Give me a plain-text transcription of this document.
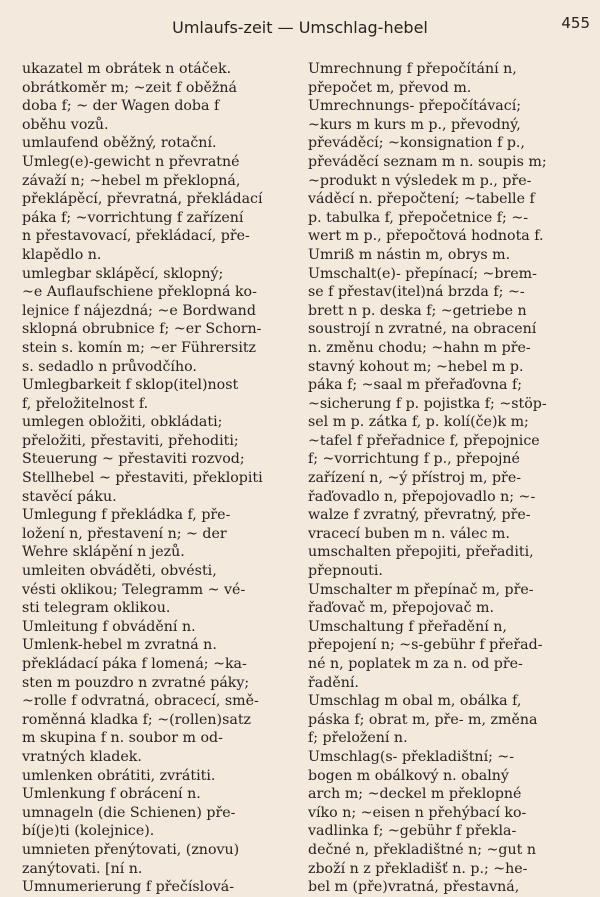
Umlaufs-zeit — Umschlag-hebel	455
ukazatel m obrátek n otáček.
obrátkoměr m; ~zeit f oběžná
doba f; ~ der Wagen doba f
oběhu vozů.
umlaufend oběžný, rotační.
Umleg(e)-gewicht n převratné
závaží n; ~hebel m překlopná,
překlápěcí, převratná, překládací
páka f; ~vorrichtung f zařízení
n přestavovací, překládací, pře-
klapědlo n.
umlegbar sklápěcí, sklopný;
~e Auflaufschiene překlopná ko-
lejnice f nájezdná; ~e Bordwand
sklopná obrubnice f; ~er Schorn-
stein s. komín m; ~er Führersitz
s. sedadlo n průvodčího.
Umlegbarkeit f sklop(itel)nost
f, přeložitelnost f.
umlegen obložiti, obkládati;
přeložiti, přestaviti, přehoditi;
Steuerung ~ přestaviti rozvod;
Stellhebel ~ přestaviti, překlopiti
stavěcí páku.
Umlegung f překládka f, pře-
ložení n, přestavení n; ~ der
Wehre sklápění n jezů.
umleiten obváděti, obvésti,
vésti oklikou; Telegramm ~ vé-
sti telegram oklikou.
Umleitung f obvádění n.
Umlenk-hebel m zvratná n.
překládací páka f lomená; ~ka-
sten m pouzdro n zvratné páky;
~rolle f odvratná, obracecí, smě-
roměnná kladka f; ~(rollen)satz
m skupina f n. soubor m od-
vratných kladek.
umlenken obrátiti, zvrátiti.
Umlenkung f obrácení n.
umnageln (die Schienen) pře-
bí(je)ti (kolejnice).
umnieten přenýtovati, (znovu)
zanýtovati. [ní n.
Umnumerierung f přečíslová-
Umrechnung f přepočítání n,
přepočet m, převod m.
Umrechnungs- přepočítávací;
~kurs m kurs m p., převodný,
převáděcí; ~konsignation f p.,
převáděcí seznam m n. soupis m;
~produkt n výsledek m p., pře-
váděcí n. přepočtení; ~tabelle f
p. tabulka f, přepočetnice f; ~-
wert m p., přepočtová hodnota f.
Umriß m nástin m, obrys m.
Umschalt(e)- přepínací; ~brem-
se f přestav(itel)ná brzda f; ~-
brett n p. deska f; ~getriebe n
soustrojí n zvratné, na obracení
n. změnu chodu; ~hahn m pře-
stavný kohout m; ~hebel m p.
páka f; ~saal m přeřaďovna f;
~sicherung f p. pojistka f; ~stöp-
sel m p. zátka f, p. kolí(če)k m;
~tafel f přeřadnice f, přepojnice
f; ~vorrichtung f p., přepojné
zařízení n, ~ý přístroj m, pře-
řaďovadlo n, přepojovadlo n; ~-
walze f zvratný, převratný, pře-
vracecí buben m n. válec m.
umschalten přepojiti, přeřaditi,
přepnouti.
Umschalter m přepínač m, pře-
řaďovač m, přepojovač m.
Umschaltung f přeřadění n,
přepojení n; ~s-gebühr f přeřad-
né n, poplatek m za n. od pře-
řadění.
Umschlag m obal m, obálka f,
páska f; obrat m, pře- m, změna
f; přeložení n.
Umschlag(s- překladištní; ~-
bogen m obálkový n. obalný
arch m; ~deckel m překlopné
víko n; ~eisen n přehýbací ko-
vadlinka f; ~gebühr f překla-
dečné n, překladištné n; ~gut n
zboží n z překladišť n. p.; ~he-
bel m (pře)vratná, přestavná,
